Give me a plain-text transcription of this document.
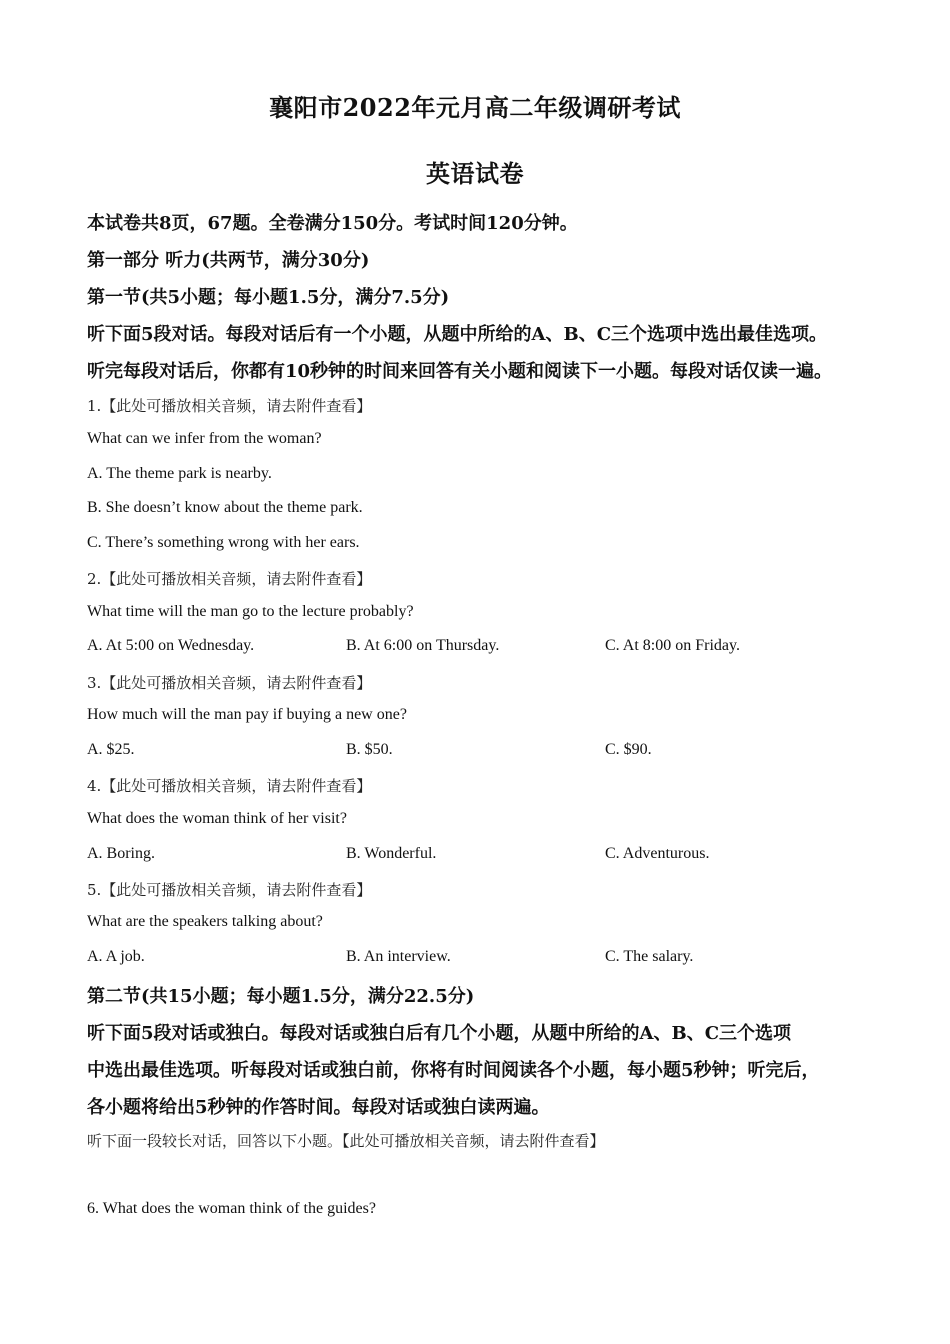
襄阳市2022年元月高二年级调研考试
英语试卷
本试卷共8页，67题。全卷满分150分。考试时间120分钟。
第一部分 听力(共两节，满分30分)
第一节(共5小题；每小题1.5分，满分7.5分)
听下面5段对话。每段对话后有一个小题，从题中所给的A、B、C三个选项中选出最佳选项。
听完每段对话后，你都有10秒钟的时间来回答有关小题和阅读下一小题。每段对话仅读一遍。
1.【此处可播放相关音频，请去附件查看】
What can we infer from the woman?
A. The theme park is nearby.
B. She doesn’t know about the theme park.
C. There’s something wrong with her ears.
2.【此处可播放相关音频，请去附件查看】
What time will the man go to the lecture probably?
A. At 5:00 on Wednesday.	B. At 6:00 on Thursday.	C. At 8:00 on Friday.
3.【此处可播放相关音频，请去附件查看】
How much will the man pay if buying a new one?
A. $25.	B. $50.	C. $90.
4.【此处可播放相关音频，请去附件查看】
What does the woman think of her visit?
A. Boring.	B. Wonderful.	C. Adventurous.
5.【此处可播放相关音频，请去附件查看】
What are the speakers talking about?
A. A job.	B. An interview.	C. The salary.
第二节(共15小题；每小题1.5分，满分22.5分)
听下面5段对话或独白。每段对话或独白后有几个小题，从题中所给的A、B、C三个选项
中选出最佳选项。听每段对话或独白前，你将有时间阅读各个小题，每小题5秒钟；听完后，
各小题将给出5秒钟的作答时间。每段对话或独白读两遍。
听下面一段较长对话，回答以下小题。【此处可播放相关音频，请去附件查看】
6. What does the woman think of the guides?
